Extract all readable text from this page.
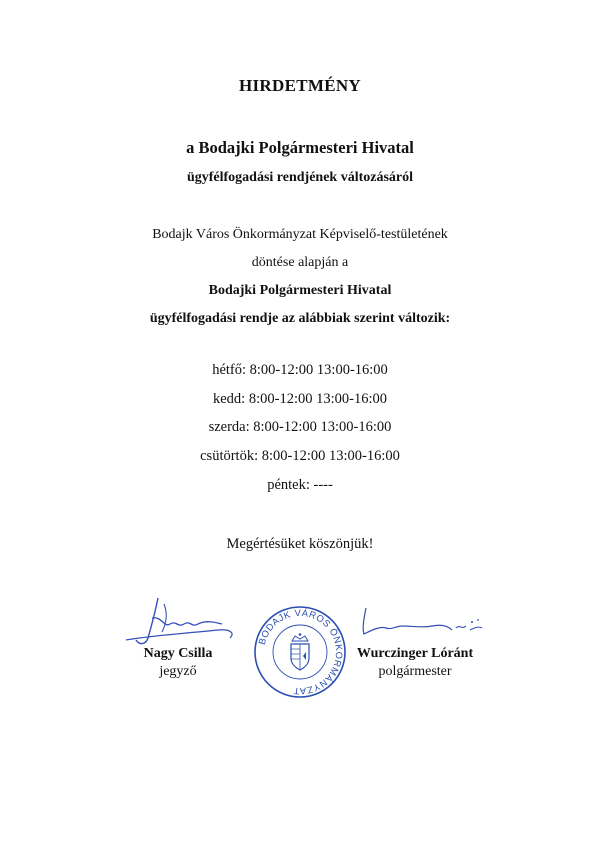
HIRDETMÉNY
a Bodajki Polgármesteri Hivatal
ügyfélfogadási rendjének változásáról
Bodajk Város Önkormányzat Képviselő-testületének
döntése alapján a
Bodajki Polgármesteri Hivatal
ügyfélfogadási rendje az alábbiak szerint változik:
hétfő: 8:00-12:00 13:00-16:00
kedd: 8:00-12:00 13:00-16:00
szerda: 8:00-12:00 13:00-16:00
csütörtök: 8:00-12:00 13:00-16:00
péntek: ----
Megértésüket köszönjük!
Nagy Csilla
jegyző
BODAJK VÁROS ÖNKORMÁNYZAT
Wurczinger Lóránt
polgármester
